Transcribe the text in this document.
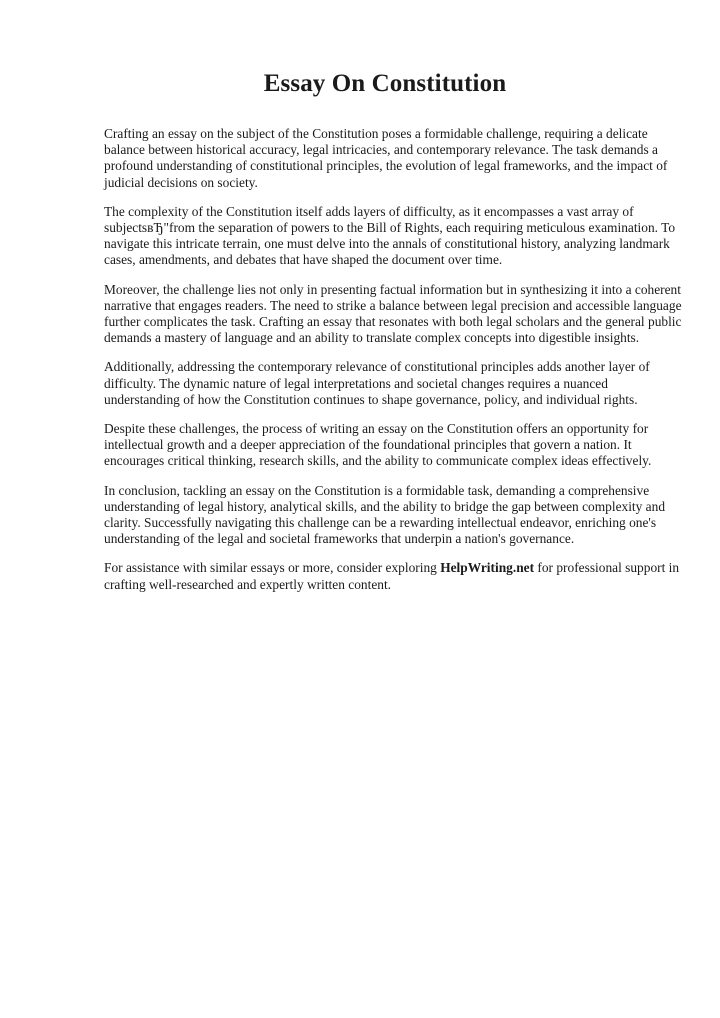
Essay On Constitution

Crafting an essay on the subject of the Constitution poses a formidable challenge, requiring a delicate balance between historical accuracy, legal intricacies, and contemporary relevance. The task demands a profound understanding of constitutional principles, the evolution of legal frameworks, and the impact of judicial decisions on society.

The complexity of the Constitution itself adds layers of difficulty, as it encompasses a vast array of subjectsвЂ"from the separation of powers to the Bill of Rights, each requiring meticulous examination. To navigate this intricate terrain, one must delve into the annals of constitutional history, analyzing landmark cases, amendments, and debates that have shaped the document over time.

Moreover, the challenge lies not only in presenting factual information but in synthesizing it into a coherent narrative that engages readers. The need to strike a balance between legal precision and accessible language further complicates the task. Crafting an essay that resonates with both legal scholars and the general public demands a mastery of language and an ability to translate complex concepts into digestible insights.

Additionally, addressing the contemporary relevance of constitutional principles adds another layer of difficulty. The dynamic nature of legal interpretations and societal changes requires a nuanced understanding of how the Constitution continues to shape governance, policy, and individual rights.

Despite these challenges, the process of writing an essay on the Constitution offers an opportunity for intellectual growth and a deeper appreciation of the foundational principles that govern a nation. It encourages critical thinking, research skills, and the ability to communicate complex ideas effectively.

In conclusion, tackling an essay on the Constitution is a formidable task, demanding a comprehensive understanding of legal history, analytical skills, and the ability to bridge the gap between complexity and clarity. Successfully navigating this challenge can be a rewarding intellectual endeavor, enriching one's understanding of the legal and societal frameworks that underpin a nation's governance.

For assistance with similar essays or more, consider exploring HelpWriting.net for professional support in crafting well-researched and expertly written content.
